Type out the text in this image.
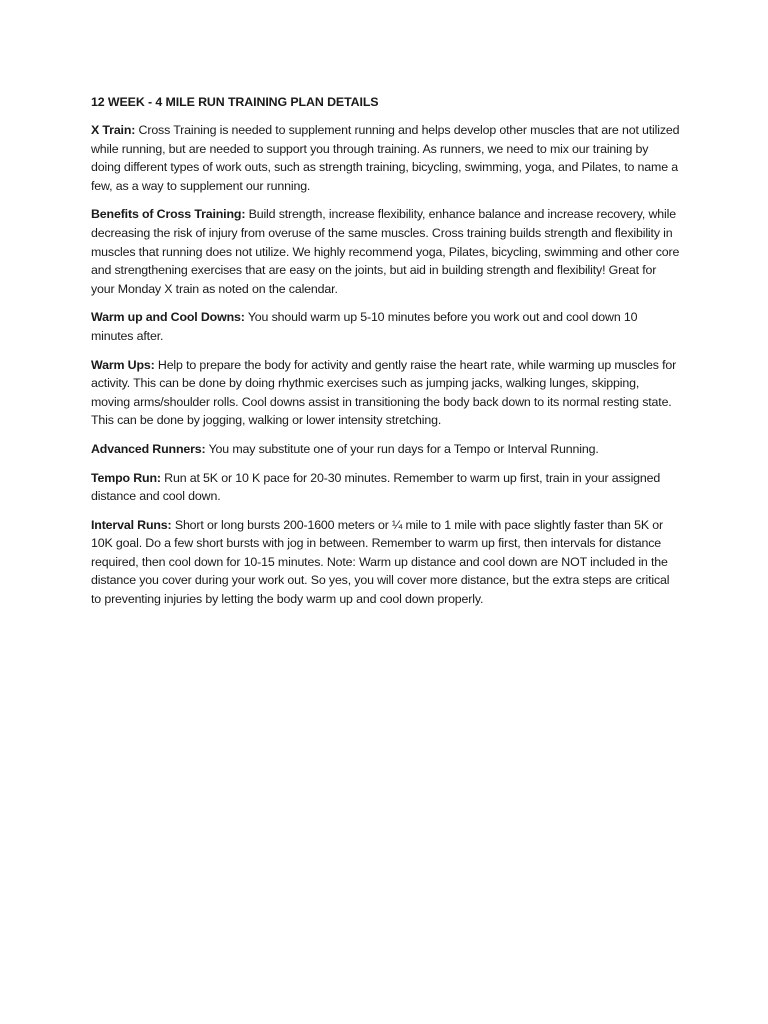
12 WEEK - 4 MILE RUN TRAINING PLAN DETAILS

X Train: Cross Training is needed to supplement running and helps develop other muscles that are not utilized while running, but are needed to support you through training. As runners, we need to mix our training by doing different types of work outs, such as strength training, bicycling, swimming, yoga, and Pilates, to name a few, as a way to supplement our running.

Benefits of Cross Training: Build strength, increase flexibility, enhance balance and increase recovery, while decreasing the risk of injury from overuse of the same muscles. Cross training builds strength and flexibility in muscles that running does not utilize. We highly recommend yoga, Pilates, bicycling, swimming and other core and strengthening exercises that are easy on the joints, but aid in building strength and flexibility! Great for your Monday X train as noted on the calendar.

Warm up and Cool Downs: You should warm up 5-10 minutes before you work out and cool down 10 minutes after.

Warm Ups: Help to prepare the body for activity and gently raise the heart rate, while warming up muscles for activity. This can be done by doing rhythmic exercises such as jumping jacks, walking lunges, skipping, moving arms/shoulder rolls. Cool downs assist in transitioning the body back down to its normal resting state. This can be done by jogging, walking or lower intensity stretching.

Advanced Runners: You may substitute one of your run days for a Tempo or Interval Running.

Tempo Run: Run at 5K or 10 K pace for 20-30 minutes. Remember to warm up first, train in your assigned distance and cool down.

Interval Runs: Short or long bursts 200-1600 meters or ¼ mile to 1 mile with pace slightly faster than 5K or 10K goal. Do a few short bursts with jog in between. Remember to warm up first, then intervals for distance required, then cool down for 10-15 minutes. Note: Warm up distance and cool down are NOT included in the distance you cover during your work out. So yes, you will cover more distance, but the extra steps are critical to preventing injuries by letting the body warm up and cool down properly.
